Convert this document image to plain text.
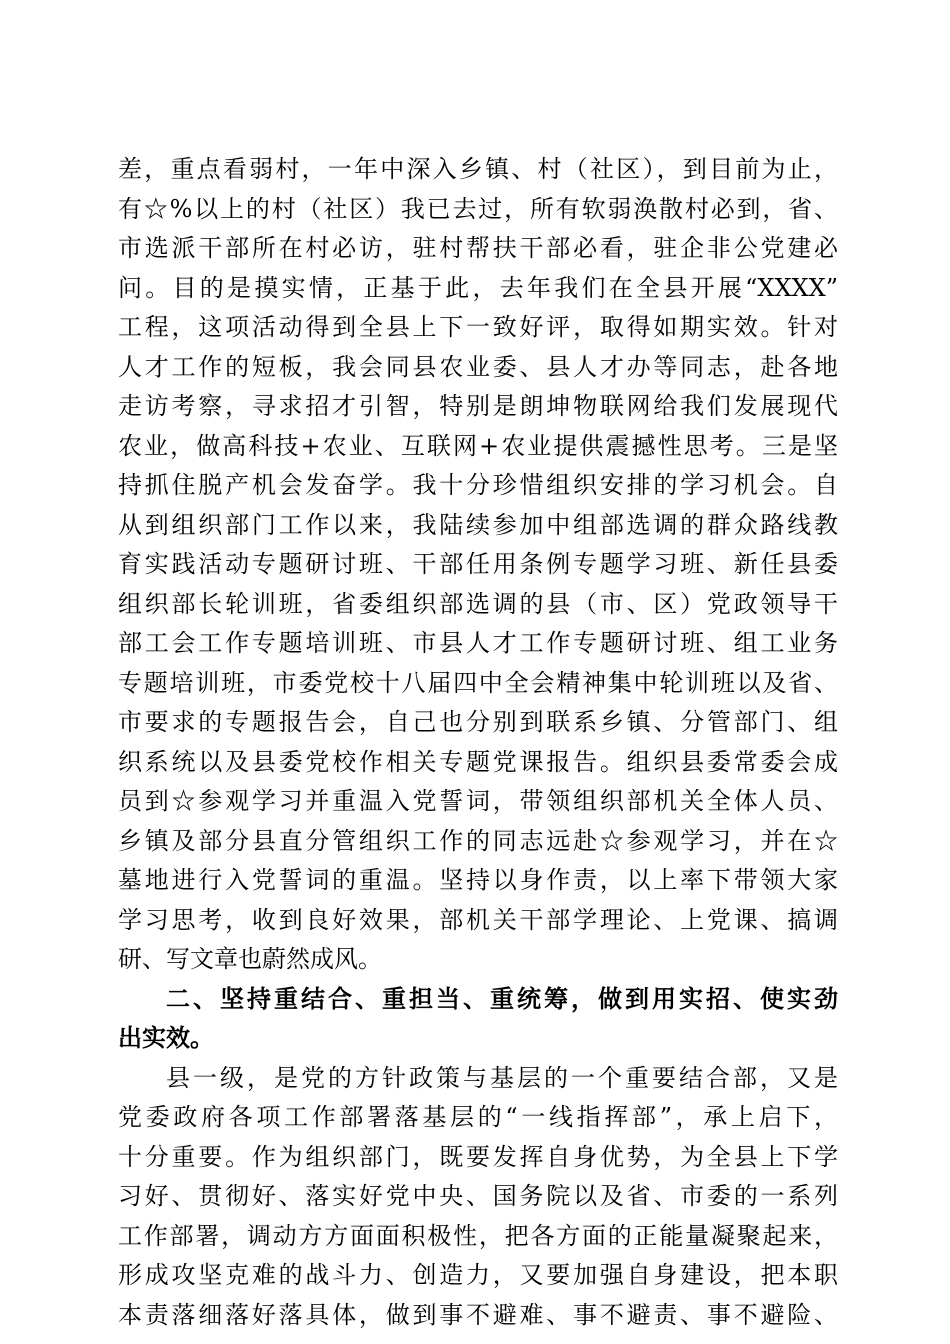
差，重点看弱村，一年中深入乡镇、村（社区），到目前为止，
有☆%以上的村（社区）我已去过，所有软弱涣散村必到，省、
市选派干部所在村必访，驻村帮扶干部必看，驻企非公党建必
问。目的是摸实情，正基于此，去年我们在全县开展“XXXX”
工程，这项活动得到全县上下一致好评，取得如期实效。针对
人才工作的短板，我会同县农业委、县人才办等同志，赴各地
走访考察，寻求招才引智，特别是朗坤物联网给我们发展现代
农业，做高科技+农业、互联网+农业提供震撼性思考。三是坚
持抓住脱产机会发奋学。我十分珍惜组织安排的学习机会。自
从到组织部门工作以来，我陆续参加中组部选调的群众路线教
育实践活动专题研讨班、干部任用条例专题学习班、新任县委
组织部长轮训班，省委组织部选调的县（市、区）党政领导干
部工会工作专题培训班、市县人才工作专题研讨班、组工业务
专题培训班，市委党校十八届四中全会精神集中轮训班以及省、
市要求的专题报告会，自己也分别到联系乡镇、分管部门、组
织系统以及县委党校作相关专题党课报告。组织县委常委会成
员到☆参观学习并重温入党誓词，带领组织部机关全体人员、
乡镇及部分县直分管组织工作的同志远赴☆参观学习，并在☆
墓地进行入党誓词的重温。坚持以身作责，以上率下带领大家
学习思考，收到良好效果，部机关干部学理论、上党课、搞调
研、写文章也蔚然成风。
二、坚持重结合、重担当、重统筹，做到用实招、使实劲
出实效。
县一级，是党的方针政策与基层的一个重要结合部，又是
党委政府各项工作部署落基层的“一线指挥部”，承上启下，
十分重要。作为组织部门，既要发挥自身优势，为全县上下学
习好、贯彻好、落实好党中央、国务院以及省、市委的一系列
工作部署，调动方方面面积极性，把各方面的正能量凝聚起来，
形成攻坚克难的战斗力、创造力，又要加强自身建设，把本职
本责落细落好落具体，做到事不避难、事不避责、事不避险、
